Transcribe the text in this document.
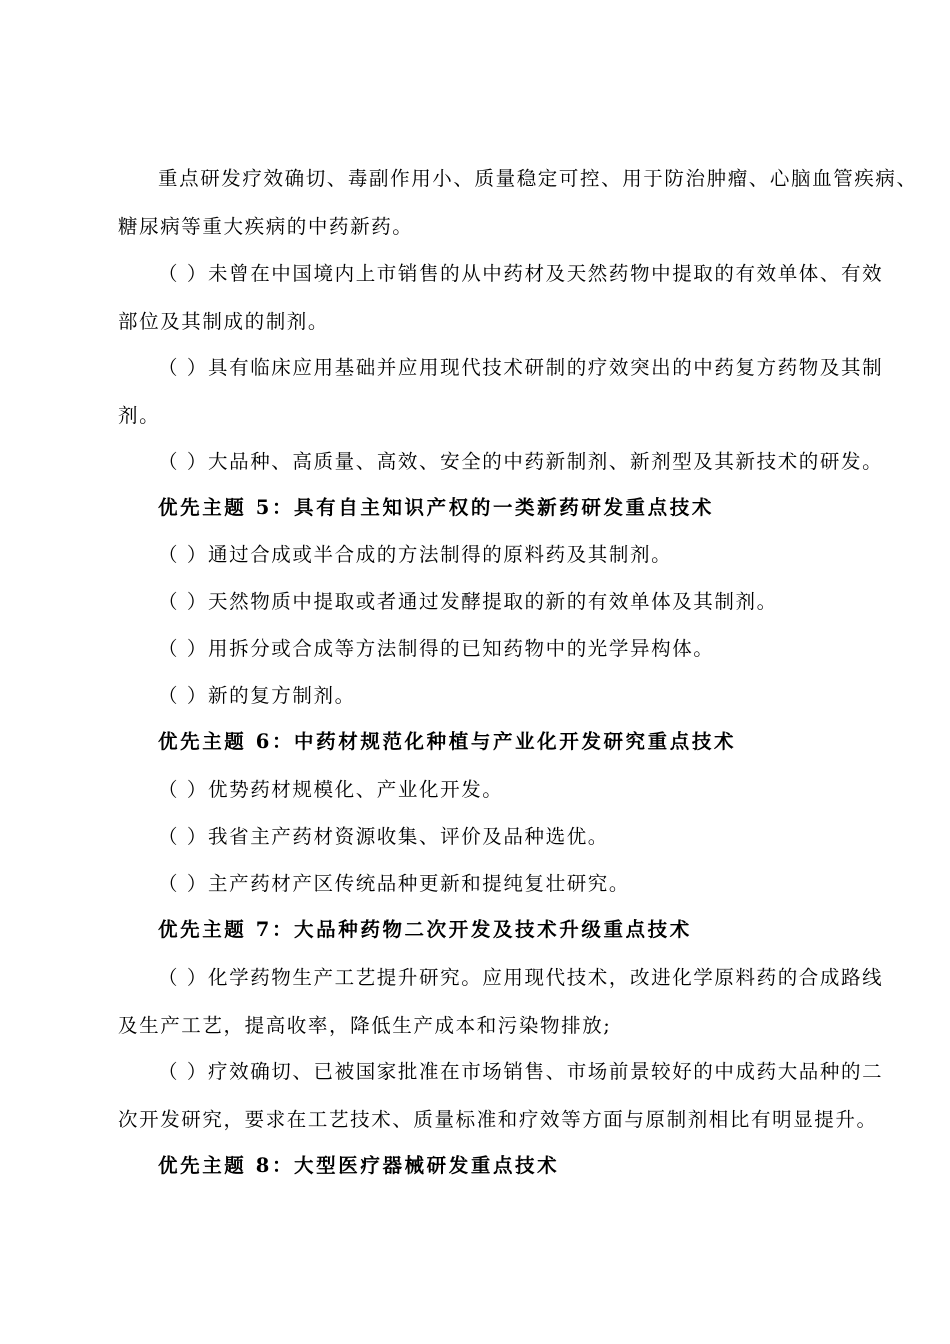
重点研发疗效确切、毒副作用小、质量稳定可控、用于防治肿瘤、心脑血管疾病、
糖尿病等重大疾病的中药新药。
（ ）未曾在中国境内上市销售的从中药材及天然药物中提取的有效单体、有效
部位及其制成的制剂。
（ ）具有临床应用基础并应用现代技术研制的疗效突出的中药复方药物及其制
剂。
（ ）大品种、高质量、高效、安全的中药新制剂、新剂型及其新技术的研发。
优先主题 5：具有自主知识产权的一类新药研发重点技术
（ ）通过合成或半合成的方法制得的原料药及其制剂。
（ ）天然物质中提取或者通过发酵提取的新的有效单体及其制剂。
（ ）用拆分或合成等方法制得的已知药物中的光学异构体。
（ ）新的复方制剂。
优先主题 6：中药材规范化种植与产业化开发研究重点技术
（ ）优势药材规模化、产业化开发。
（ ）我省主产药材资源收集、评价及品种选优。
（ ）主产药材产区传统品种更新和提纯复壮研究。
优先主题 7：大品种药物二次开发及技术升级重点技术
（ ）化学药物生产工艺提升研究。应用现代技术，改进化学原料药的合成路线
及生产工艺，提高收率，降低生产成本和污染物排放;
（ ）疗效确切、已被国家批准在市场销售、市场前景较好的中成药大品种的二
次开发研究，要求在工艺技术、质量标准和疗效等方面与原制剂相比有明显提升。
优先主题 8：大型医疗器械研发重点技术
